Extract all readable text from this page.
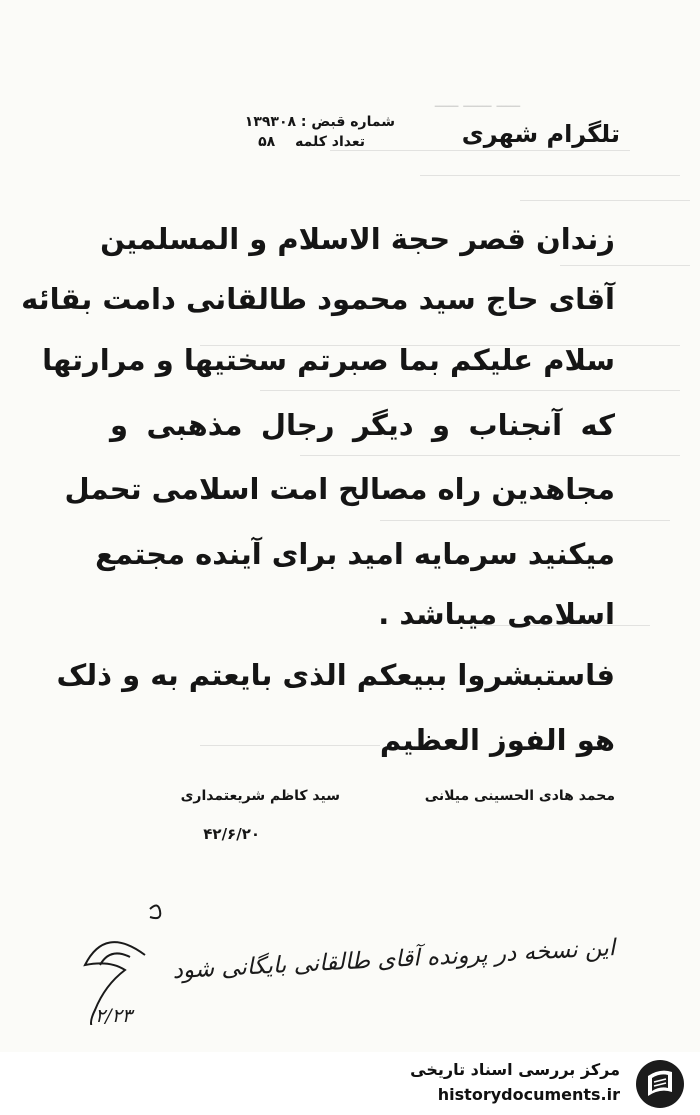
ـــــ ــــــ ـــــ
تلگرام شهری
شماره قبض : ۱۳۹۳۰۸
تعداد کلمه۵۸
زندان قصر حجة الاسلام و المسلمین
آقای حاج سید محمود طالقانی دامت بقائه
سلام علیکم بما صبرتم سختیها و مرارتها
که آنجناب و دیگر رجال مذهبی و
مجاهدین راه مصالح امت اسلامی تحمل
میکنید سرمایه امید برای آینده مجتمع
اسلامی میباشد .
فاستبشروا ببیعکم الذی بایعتم به و ذلک
هو الفوز العظیم
محمد هادی الحسینی میلانی
سید کاظم شریعتمداری
۴۲/۶/۲۰
این نسخه در پرونده آقای طالقانی بایگانی شود
۲/۲۳
مرکز بررسی اسناد تاریخی
historydocuments.ir
